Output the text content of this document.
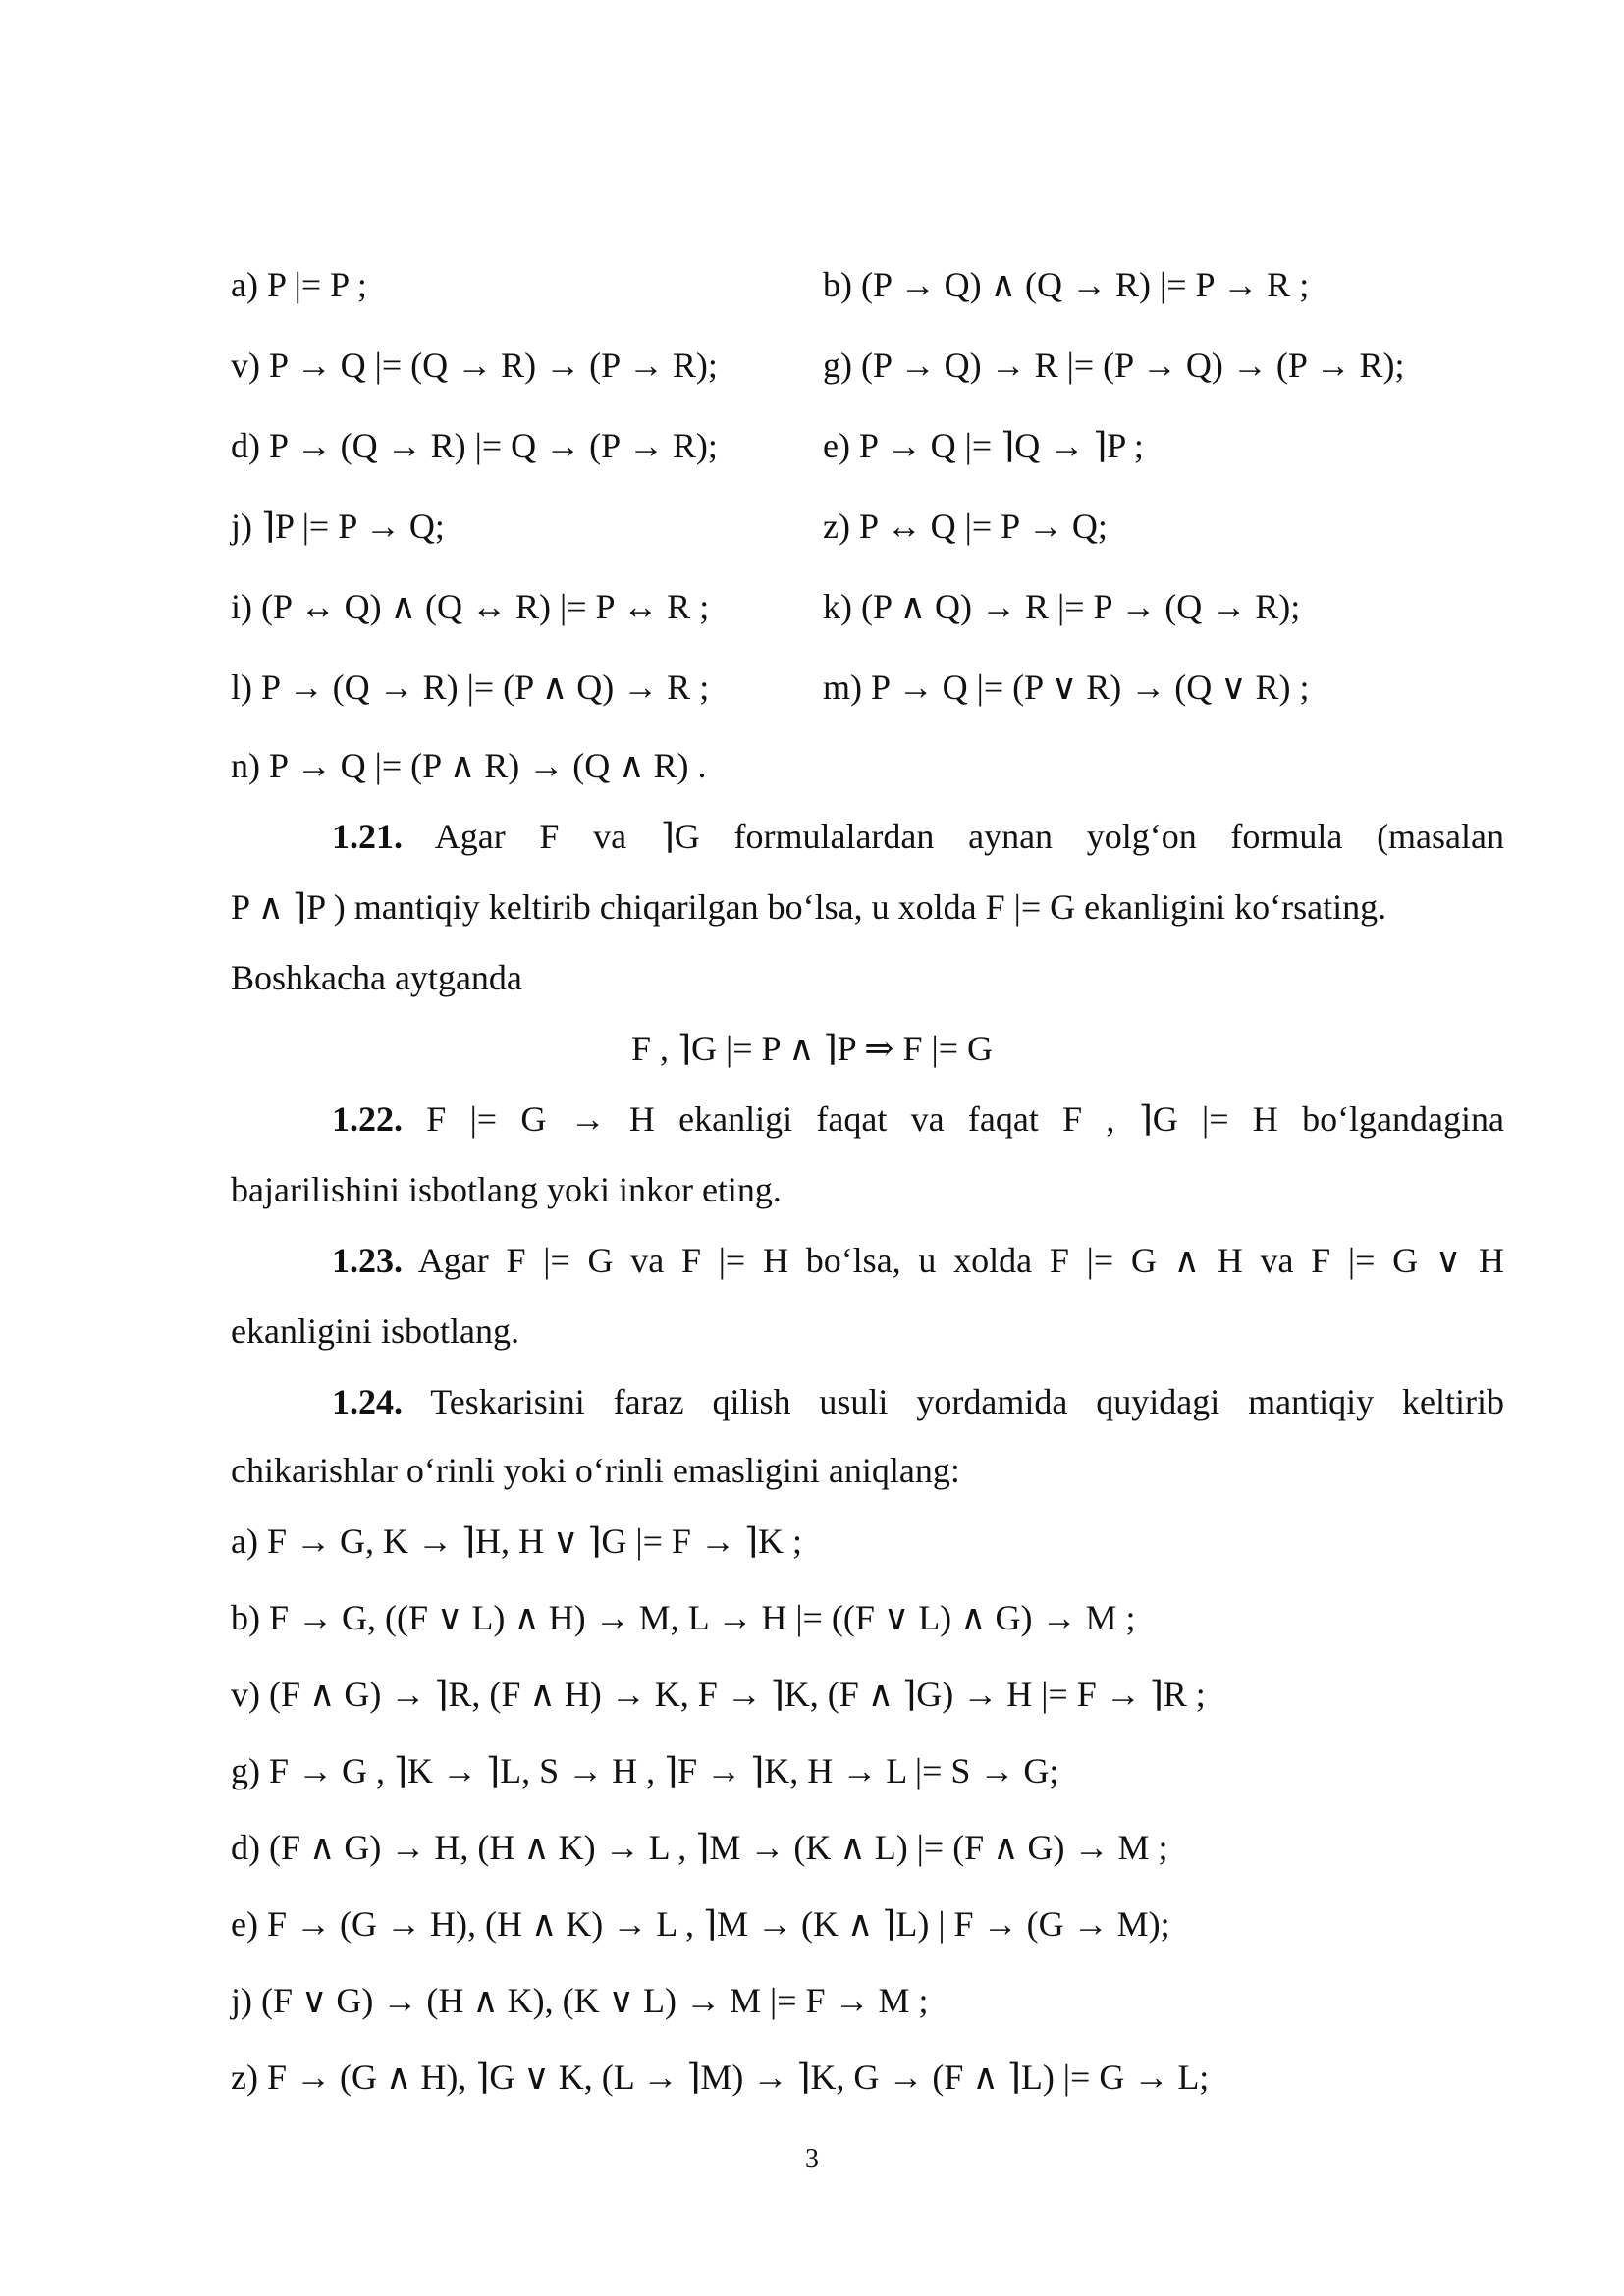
a) P |= P ;	b) (P → Q) ∧ (Q → R) |= P → R ;
v) P → Q |= (Q → R) → (P → R);	g) (P → Q) → R |= (P → Q) → (P → R);
d) P → (Q → R) |= Q → (P → R);	e) P → Q |= ⌉Q → ⌉P ;
j) ⌉P |= P → Q;	z) P ↔ Q |= P → Q;
i) (P ↔ Q) ∧ (Q ↔ R) |= P ↔ R ;	k) (P ∧ Q) → R |= P → (Q → R);
l) P → (Q → R) |= (P ∧ Q) → R ;	m) P → Q |= (P ∨ R) → (Q ∨ R) ;
n) P → Q |= (P ∧ R) → (Q ∧ R) .
1.21. Agar F va ⌉G formulalardan aynan yolg‘on formula (masalan
P ∧ ⌉P ) mantiqiy keltirib chiqarilgan bo‘lsa, u xolda F |= G ekanligini ko‘rsating.
Boshkacha aytganda
F , ⌉G |= P ∧ ⌉P ⇒ F |= G
1.22. F |= G → H ekanligi faqat va faqat F , ⌉G |= H bo‘lgandagina
bajarilishini isbotlang yoki inkor eting.
1.23. Agar F |= G va F |= H bo‘lsa, u xolda F |= G ∧ H va F |= G ∨ H
ekanligini isbotlang.
1.24. Teskarisini faraz qilish usuli yordamida quyidagi mantiqiy keltirib
chikarishlar o‘rinli yoki o‘rinli emasligini aniqlang:
a) F → G, K → ⌉H, H ∨ ⌉G |= F → ⌉K ;
b) F → G, ((F ∨ L) ∧ H) → M, L → H |= ((F ∨ L) ∧ G) → M ;
v) (F ∧ G) → ⌉R, (F ∧ H) → K, F → ⌉K, (F ∧ ⌉G) → H |= F → ⌉R ;
g) F → G , ⌉K → ⌉L, S → H , ⌉F → ⌉K, H → L |= S → G;
d) (F ∧ G) → H, (H ∧ K) → L , ⌉M → (K ∧ L) |= (F ∧ G) → M ;
e) F → (G → H), (H ∧ K) → L , ⌉M → (K ∧ ⌉L) | F → (G → M);
j) (F ∨ G) → (H ∧ K), (K ∨ L) → M |= F → M ;
z) F → (G ∧ H), ⌉G ∨ K, (L → ⌉M) → ⌉K, G → (F ∧ ⌉L) |= G → L;
3
